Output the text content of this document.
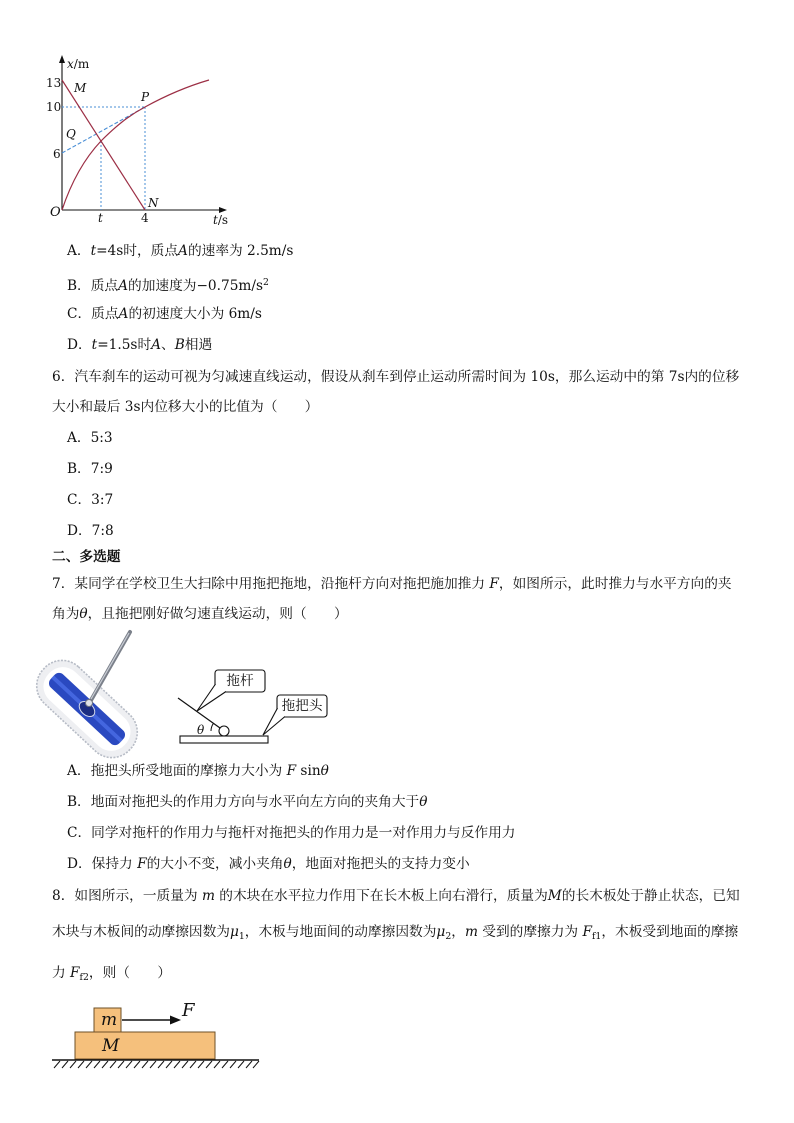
x/m
13
10
6
O	t	4	t/s
M
P
Q
N
A．t=4s时，质点A的速率为 2.5m/s
B．质点A的加速度为$-0.75m/s^2$
C．质点A的初速度大小为 6m/s
D．t=1.5s时A、B相遇
6．汽车刹车的运动可视为匀减速直线运动，假设从刹车到停止运动所需时间为 10s，那么运动中的第 7s内的位移
大小和最后 3s内位移大小的比值为（　　）
A．5:3
B．7:9
C．3:7
D．7:8
二、多选题
7．某同学在学校卫生大扫除中用拖把拖地，沿拖杆方向对拖把施加推力 F，如图所示，此时推力与水平方向的夹
角为θ，且拖把刚好做匀速直线运动，则（　　）
拖杆
拖把头
θ
A．拖把头所受地面的摩擦力大小为 F sinθ
B．地面对拖把头的作用力方向与水平向左方向的夹角大于θ
C．同学对拖杆的作用力与拖杆对拖把头的作用力是一对作用力与反作用力
D．保持力 F的大小不变，减小夹角θ，地面对拖把头的支持力变小
8．如图所示，一质量为 m 的木块在水平拉力作用下在长木板上向右滑行，质量为M的长木板处于静止状态，已知
木块与木板间的动摩擦因数为$\mu_1$，木板与地面间的动摩擦因数为$\mu_2$，m 受到的摩擦力为 $F_{f1}$，木板受到地面的摩擦
力 $F_{f2}$，则（　　）
m
M
F
